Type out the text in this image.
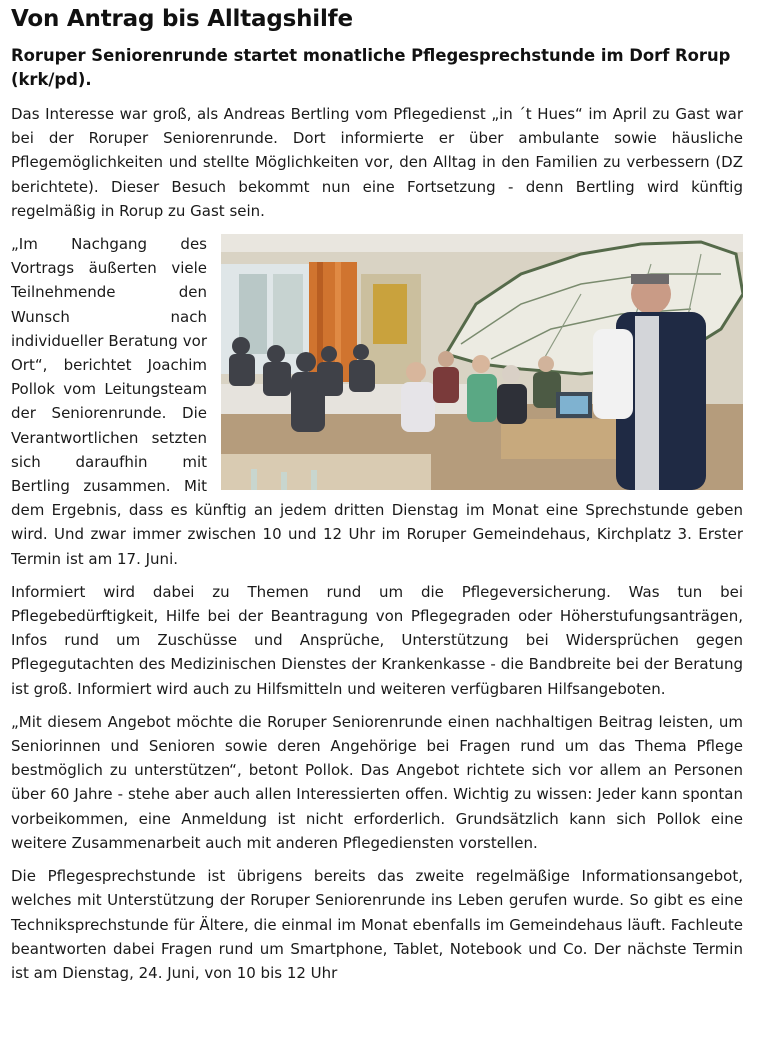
Von Antrag bis Alltagshilfe
Roruper Seniorenrunde startet monatliche Pflegesprechstunde im Dorf Rorup (krk/pd).

Das Interesse war groß, als Andreas Bertling vom Pflegedienst „in ´t Hues“ im April zu Gast war bei der Roruper Seniorenrunde. Dort informierte er über ambulante sowie häusliche Pflegemöglichkeiten und stellte Möglichkeiten vor, den Alltag in den Familien zu verbessern (DZ berichtete). Dieser Besuch bekommt nun eine Fortsetzung - denn Bertling wird künftig regelmäßig in Rorup zu Gast sein.

„Im Nachgang des Vortrags äußerten viele Teilnehmende den Wunsch nach individueller Beratung vor Ort“, berichtet Joachim Pollok vom Leitungsteam der Seniorenrunde. Die Verantwortlichen setzten sich daraufhin mit Bertling zusammen. Mit dem Ergebnis, dass es künftig an jedem dritten Dienstag im Monat eine Sprechstunde geben wird. Und zwar immer zwischen 10 und 12 Uhr im Roruper Gemeindehaus, Kirchplatz 3. Erster Termin ist am 17. Juni.

Informiert wird dabei zu Themen rund um die Pflegeversicherung. Was tun bei Pflegebedürftigkeit, Hilfe bei der Beantragung von Pflegegraden oder Höherstufungsanträgen, Infos rund um Zuschüsse und Ansprüche, Unterstützung bei Widersprüchen gegen Pflegegutachten des Medizinischen Dienstes der Krankenkasse - die Bandbreite bei der Beratung ist groß. Informiert wird auch zu Hilfsmitteln und weiteren verfügbaren Hilfsangeboten.

„Mit diesem Angebot möchte die Roruper Seniorenrunde einen nachhaltigen Beitrag leisten, um Seniorinnen und Senioren sowie deren Angehörige bei Fragen rund um das Thema Pflege bestmöglich zu unterstützen“, betont Pollok. Das Angebot richtete sich vor allem an Personen über 60 Jahre - stehe aber auch allen Interessierten offen. Wichtig zu wissen: Jeder kann spontan vorbeikommen, eine Anmeldung ist nicht erforderlich. Grundsätzlich kann sich Pollok eine weitere Zusammenarbeit auch mit anderen Pflegediensten vorstellen.

Die Pflegesprechstunde ist übrigens bereits das zweite regelmäßige Informationsangebot, welches mit Unterstützung der Roruper Seniorenrunde ins Leben gerufen wurde. So gibt es eine Techniksprechstunde für Ältere, die einmal im Monat ebenfalls im Gemeindehaus läuft. Fachleute beantworten dabei Fragen rund um Smartphone, Tablet, Notebook und Co. Der nächste Termin ist am Dienstag, 24. Juni, von 10 bis 12 Uhr
